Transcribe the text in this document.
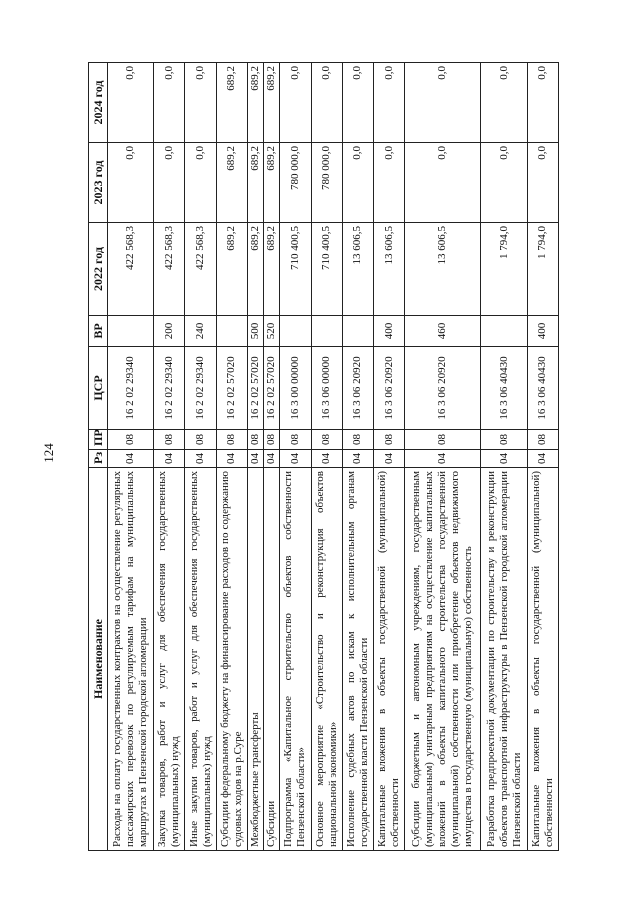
124
Наименование	Рз	ПР	ЦСР	ВР	2022 год	2023 год	2024 год
Расходы на оплату государственных контрактов на осуществление регулярных пассажирских перевозок по регулируемым тарифам на муниципальных маршрутах в Пензенской городской агломерации	04	08	16 2 02 29340		422 568,3	0,0	0,0
Закупка товаров, работ и услуг для обеспечения государственных (муниципальных) нужд	04	08	16 2 02 29340	200	422 568,3	0,0	0,0
Иные закупки товаров, работ и услуг для обеспечения государственных (муниципальных) нужд	04	08	16 2 02 29340	240	422 568,3	0,0	0,0
Субсидии федеральному бюджету на финансирование расходов по содержанию судовых ходов на р.Суре	04	08	16 2 02 57020		689,2	689,2	689,2
Межбюджетные трансферты	04	08	16 2 02 57020	500	689,2	689,2	689,2
Субсидии	04	08	16 2 02 57020	520	689,2	689,2	689,2
Подпрограмма «Капитальное строительство объектов собственности Пензенской области»	04	08	16 3 00 00000		710 400,5	780 000,0	0,0
Основное мероприятие «Строительство и реконструкция объектов национальной экономики»	04	08	16 3 06 00000		710 400,5	780 000,0	0,0
Исполнение судебных актов по искам к исполнительным органам государственной власти Пензенской области	04	08	16 3 06 20920		13 606,5	0,0	0,0
Капитальные вложения в объекты государственной (муниципальной) собственности	04	08	16 3 06 20920	400	13 606,5	0,0	0,0
Субсидии бюджетным и автономным учреждениям, государственным (муниципальным) унитарным предприятиям на осуществление капитальных вложений в объекты капитального строительства государственной (муниципальной) собственности или приобретение объектов недвижимого имущества в государственную (муниципальную) собственность	04	08	16 3 06 20920	460	13 606,5	0,0	0,0
Разработка предпроектной документации по строительству и реконструкции объектов транспортной инфраструктуры в Пензенской городской агломерации Пензенской области	04	08	16 3 06 40430		1 794,0	0,0	0,0
Капитальные вложения в объекты государственной (муниципальной) собственности	04	08	16 3 06 40430	400	1 794,0	0,0	0,0
